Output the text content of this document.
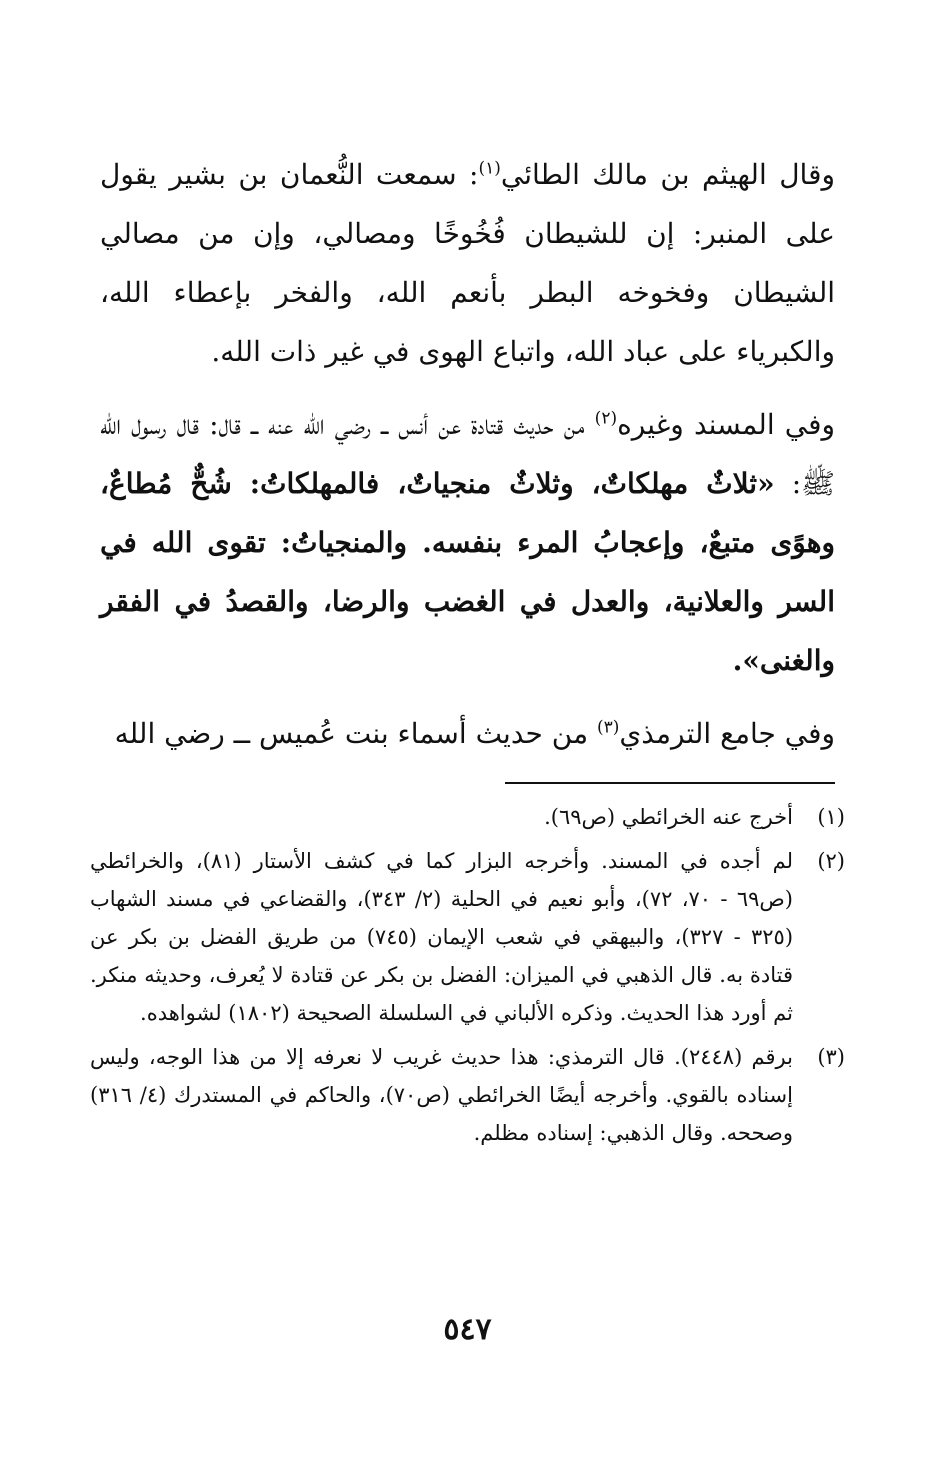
وقال الهيثم بن مالك الطائي$^{(١)}$: سمعت النُّعمان بن بشير يقول على المنبر: إن للشيطان فُخُوخًا ومصالي، وإن من مصالي الشيطان وفخوخه البطر بأنعم الله، والفخر بإعطاء الله، والكبرياء على عباد الله، واتباع الهوى في غير ذات الله.

وفي المسند وغيره$^{(٢)}$ من حديث قتادة عن أنس ــ رضي الله عنه ــ قال: قال رسول الله ﷺ: «ثلاثٌ مهلكاتٌ، وثلاثٌ منجياتٌ، فالمهلكاتُ: شُحٌّ مُطاعٌ، وهوًى متبعٌ، وإعجابُ المرء بنفسه. والمنجياتُ: تقوى الله في السر والعلانية، والعدل في الغضب والرضا، والقصدُ في الفقر والغنى».

وفي جامع الترمذي$^{(٣)}$ من حديث أسماء بنت عُميس ــ رضي الله

(١)
أخرج عنه الخرائطي (ص٦٩).
(٢)
لم أجده في المسند. وأخرجه البزار كما في كشف الأستار (٨١)، والخرائطي (ص٦٩ - ٧٠، ٧٢)، وأبو نعيم في الحلية (٢/ ٣٤٣)، والقضاعي في مسند الشهاب (٣٢٥ - ٣٢٧)، والبيهقي في شعب الإيمان (٧٤٥) من طريق الفضل بن بكر عن قتادة به. قال الذهبي في الميزان: الفضل بن بكر عن قتادة لا يُعرف، وحديثه منكر. ثم أورد هذا الحديث. وذكره الألباني في السلسلة الصحيحة (١٨٠٢) لشواهده.
(٣)
برقم (٢٤٤٨). قال الترمذي: هذا حديث غريب لا نعرفه إلا من هذا الوجه، وليس إسناده بالقوي. وأخرجه أيضًا الخرائطي (ص٧٠)، والحاكم في المستدرك (٤/ ٣١٦) وصححه. وقال الذهبي: إسناده مظلم.
٥٤٧
